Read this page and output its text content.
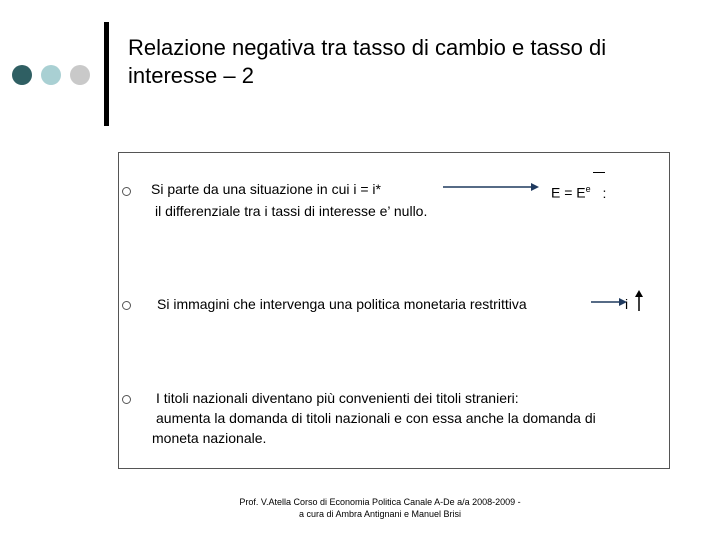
Relazione negativa tra tasso di cambio e tasso di
interesse – 2
Si parte da una situazione in cui i = i*	$E = E^e$ :
il differenziale tra i tassi di interesse e’ nullo.
Si immagini che intervenga una politica monetaria restrittiva	i
I titoli nazionali diventano più convenienti dei titoli stranieri:
aumenta la domanda di titoli nazionali e con essa anche la domanda di
moneta nazionale.
Prof. V.Atella Corso di Economia Politica Canale A-De a/a 2008-2009 -
a cura di Ambra Antignani e Manuel Brisi
